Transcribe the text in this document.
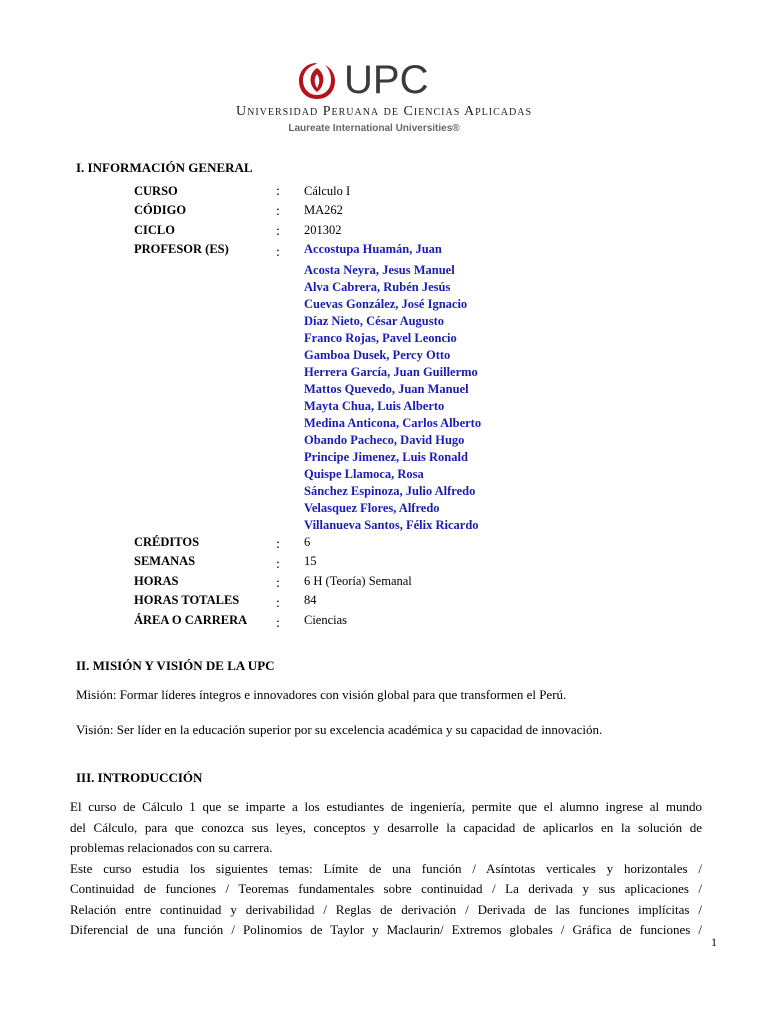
UPC
Universidad Peruana de Ciencias Aplicadas
Laureate International Universities®
I. INFORMACIÓN GENERAL
CURSO	: Cálculo I
CÓDIGO	: MA262
CICLO	: 201302
PROFESOR (ES)	: Accostupa Huamán, Juan
Acosta Neyra, Jesus Manuel
Alva Cabrera, Rubén Jesús
Cuevas González, José Ignacio
Díaz Nieto, César Augusto
Franco Rojas, Pavel Leoncio
Gamboa Dusek, Percy Otto
Herrera García, Juan Guillermo
Mattos Quevedo, Juan Manuel
Mayta Chua, Luis Alberto
Medina Anticona, Carlos Alberto
Obando Pacheco, David Hugo
Principe Jimenez, Luis Ronald
Quispe Llamoca, Rosa
Sánchez Espinoza, Julio Alfredo
Velasquez Flores, Alfredo
Villanueva Santos, Félix Ricardo
CRÉDITOS	: 6
SEMANAS	: 15
HORAS	: 6 H (Teoría) Semanal
HORAS TOTALES	: 84
ÁREA O CARRERA : Ciencias
II. MISIÓN Y VISIÓN DE LA UPC
Misión: Formar líderes íntegros e innovadores con visión global para que transformen el Perú.
Visión: Ser líder en la educación superior por su excelencia académica y su capacidad de innovación.
III. INTRODUCCIÓN
El curso de Cálculo 1 que se imparte a los estudiantes de ingeniería, permite que el alumno ingrese al mundo
del Cálculo, para que conozca sus leyes, conceptos y desarrolle la capacidad de aplicarlos en la solución de
problemas relacionados con su carrera.
Este curso estudia los siguientes temas: Límite de una función / Asíntotas verticales y horizontales /
Continuidad de funciones / Teoremas fundamentales sobre continuidad / La derivada y sus aplicaciones /
Relación entre continuidad y derivabilidad / Reglas de derivación / Derivada de las funciones implícitas /
Diferencial de una función / Polinomios de Taylor y Maclaurin/ Extremos globales / Gráfica de funciones /
1
